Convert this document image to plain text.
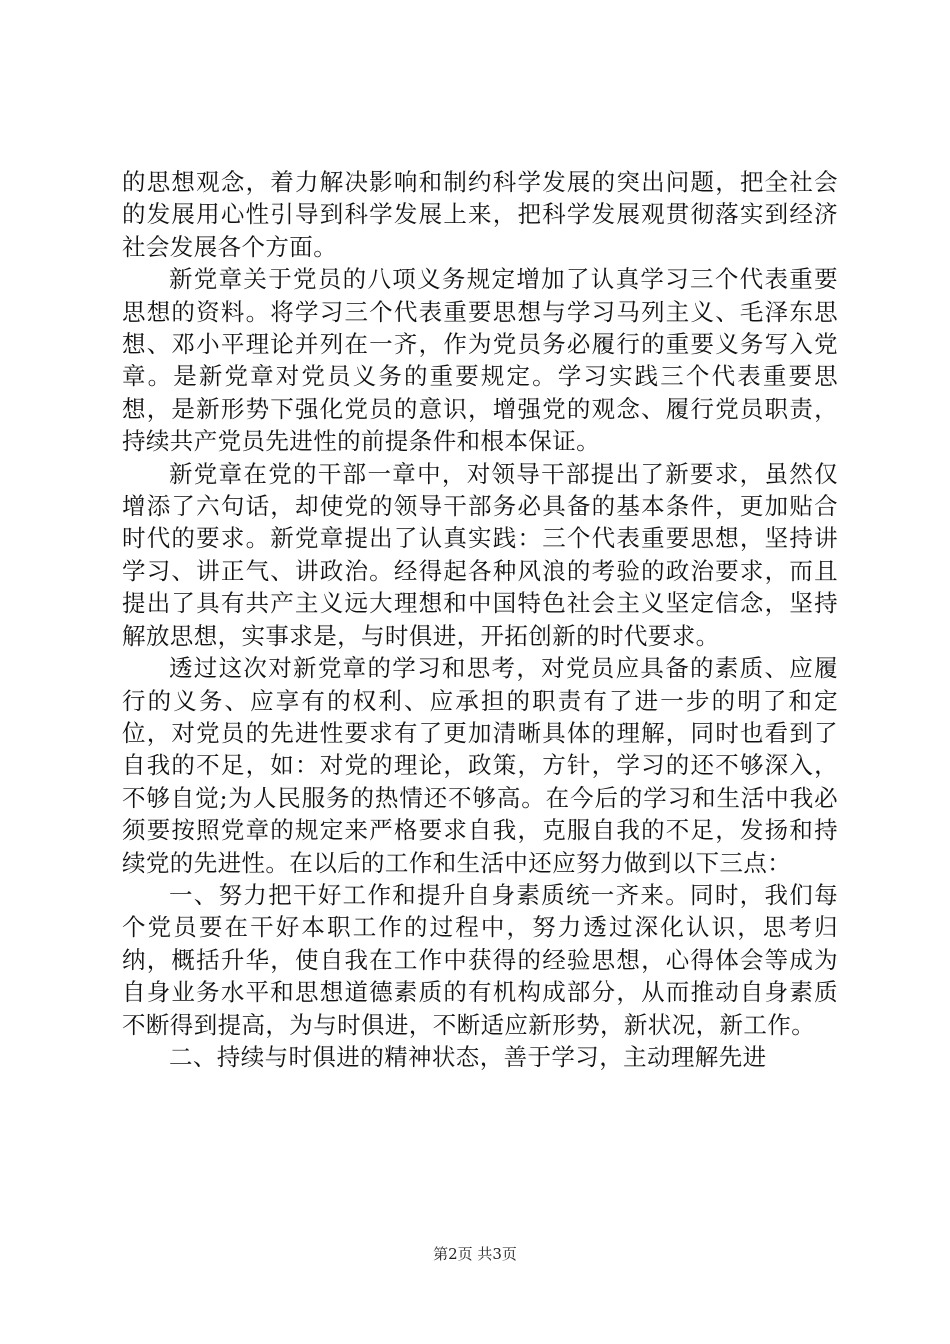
的思想观念，着力解决影响和制约科学发展的突出问题，把全社会的发展用心性引导到科学发展上来，把科学发展观贯彻落实到经济社会发展各个方面。

新党章关于党员的八项义务规定增加了认真学习三个代表重要思想的资料。将学习三个代表重要思想与学习马列主义、毛泽东思想、邓小平理论并列在一齐，作为党员务必履行的重要义务写入党章。是新党章对党员义务的重要规定。学习实践三个代表重要思想，是新形势下强化党员的意识，增强党的观念、履行党员职责，持续共产党员先进性的前提条件和根本保证。

新党章在党的干部一章中，对领导干部提出了新要求，虽然仅增添了六句话，却使党的领导干部务必具备的基本条件，更加贴合时代的要求。新党章提出了认真实践：三个代表重要思想，坚持讲学习、讲正气、讲政治。经得起各种风浪的考验的政治要求，而且提出了具有共产主义远大理想和中国特色社会主义坚定信念，坚持解放思想，实事求是，与时俱进，开拓创新的时代要求。

透过这次对新党章的学习和思考，对党员应具备的素质、应履行的义务、应享有的权利、应承担的职责有了进一步的明了和定位，对党员的先进性要求有了更加清晰具体的理解，同时也看到了自我的不足，如：对党的理论，政策，方针，学习的还不够深入，不够自觉;为人民服务的热情还不够高。在今后的学习和生活中我必须要按照党章的规定来严格要求自我，克服自我的不足，发扬和持续党的先进性。在以后的工作和生活中还应努力做到以下三点：

一、努力把干好工作和提升自身素质统一齐来。同时，我们每个党员要在干好本职工作的过程中，努力透过深化认识，思考归纳，概括升华，使自我在工作中获得的经验思想，心得体会等成为自身业务水平和思想道德素质的有机构成部分，从而推动自身素质不断得到提高，为与时俱进，不断适应新形势，新状况，新工作。

二、持续与时俱进的精神状态，善于学习，主动理解先进

第2页 共3页
